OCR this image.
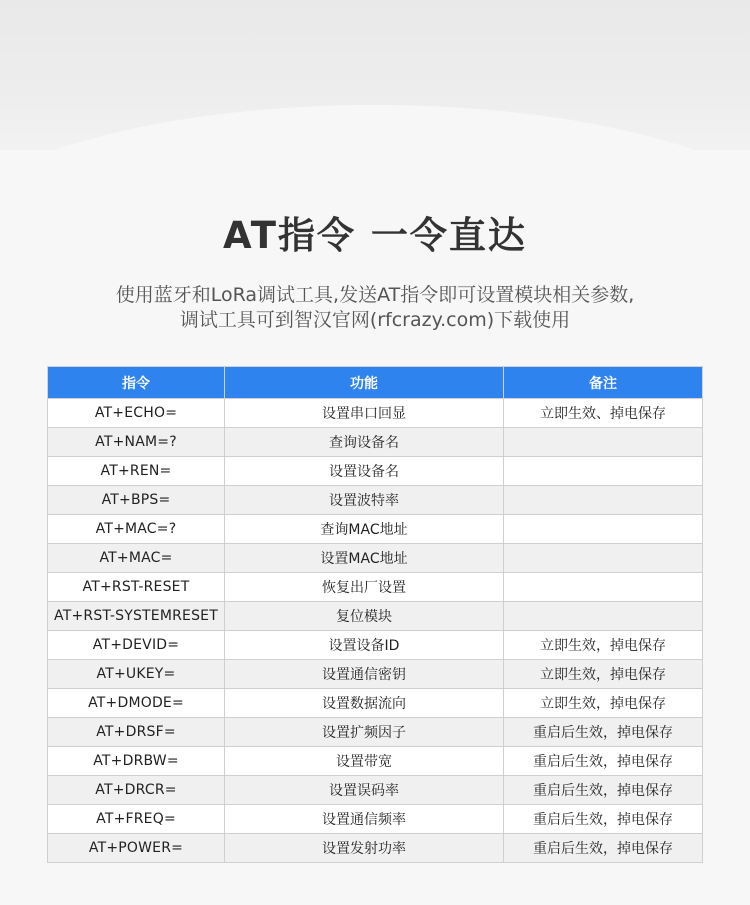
AT指令 一令直达
使用蓝牙和LoRa调试工具,发送AT指令即可设置模块相关参数,
调试工具可到智汉官网(rfcrazy.com)下载使用
指令	功能	备注
AT+ECHO=	设置串口回显	立即生效、掉电保存
AT+NAM=?	查询设备名	
AT+REN=	设置设备名	
AT+BPS=	设置波特率	
AT+MAC=?	查询MAC地址	
AT+MAC=	设置MAC地址	
AT+RST-RESET	恢复出厂设置	
AT+RST-SYSTEMRESET	复位模块	
AT+DEVID=	设置设备ID	立即生效，掉电保存
AT+UKEY=	设置通信密钥	立即生效，掉电保存
AT+DMODE=	设置数据流向	立即生效，掉电保存
AT+DRSF=	设置扩频因子	重启后生效，掉电保存
AT+DRBW=	设置带宽	重启后生效，掉电保存
AT+DRCR=	设置误码率	重启后生效，掉电保存
AT+FREQ=	设置通信频率	重启后生效，掉电保存
AT+POWER=	设置发射功率	重启后生效，掉电保存
